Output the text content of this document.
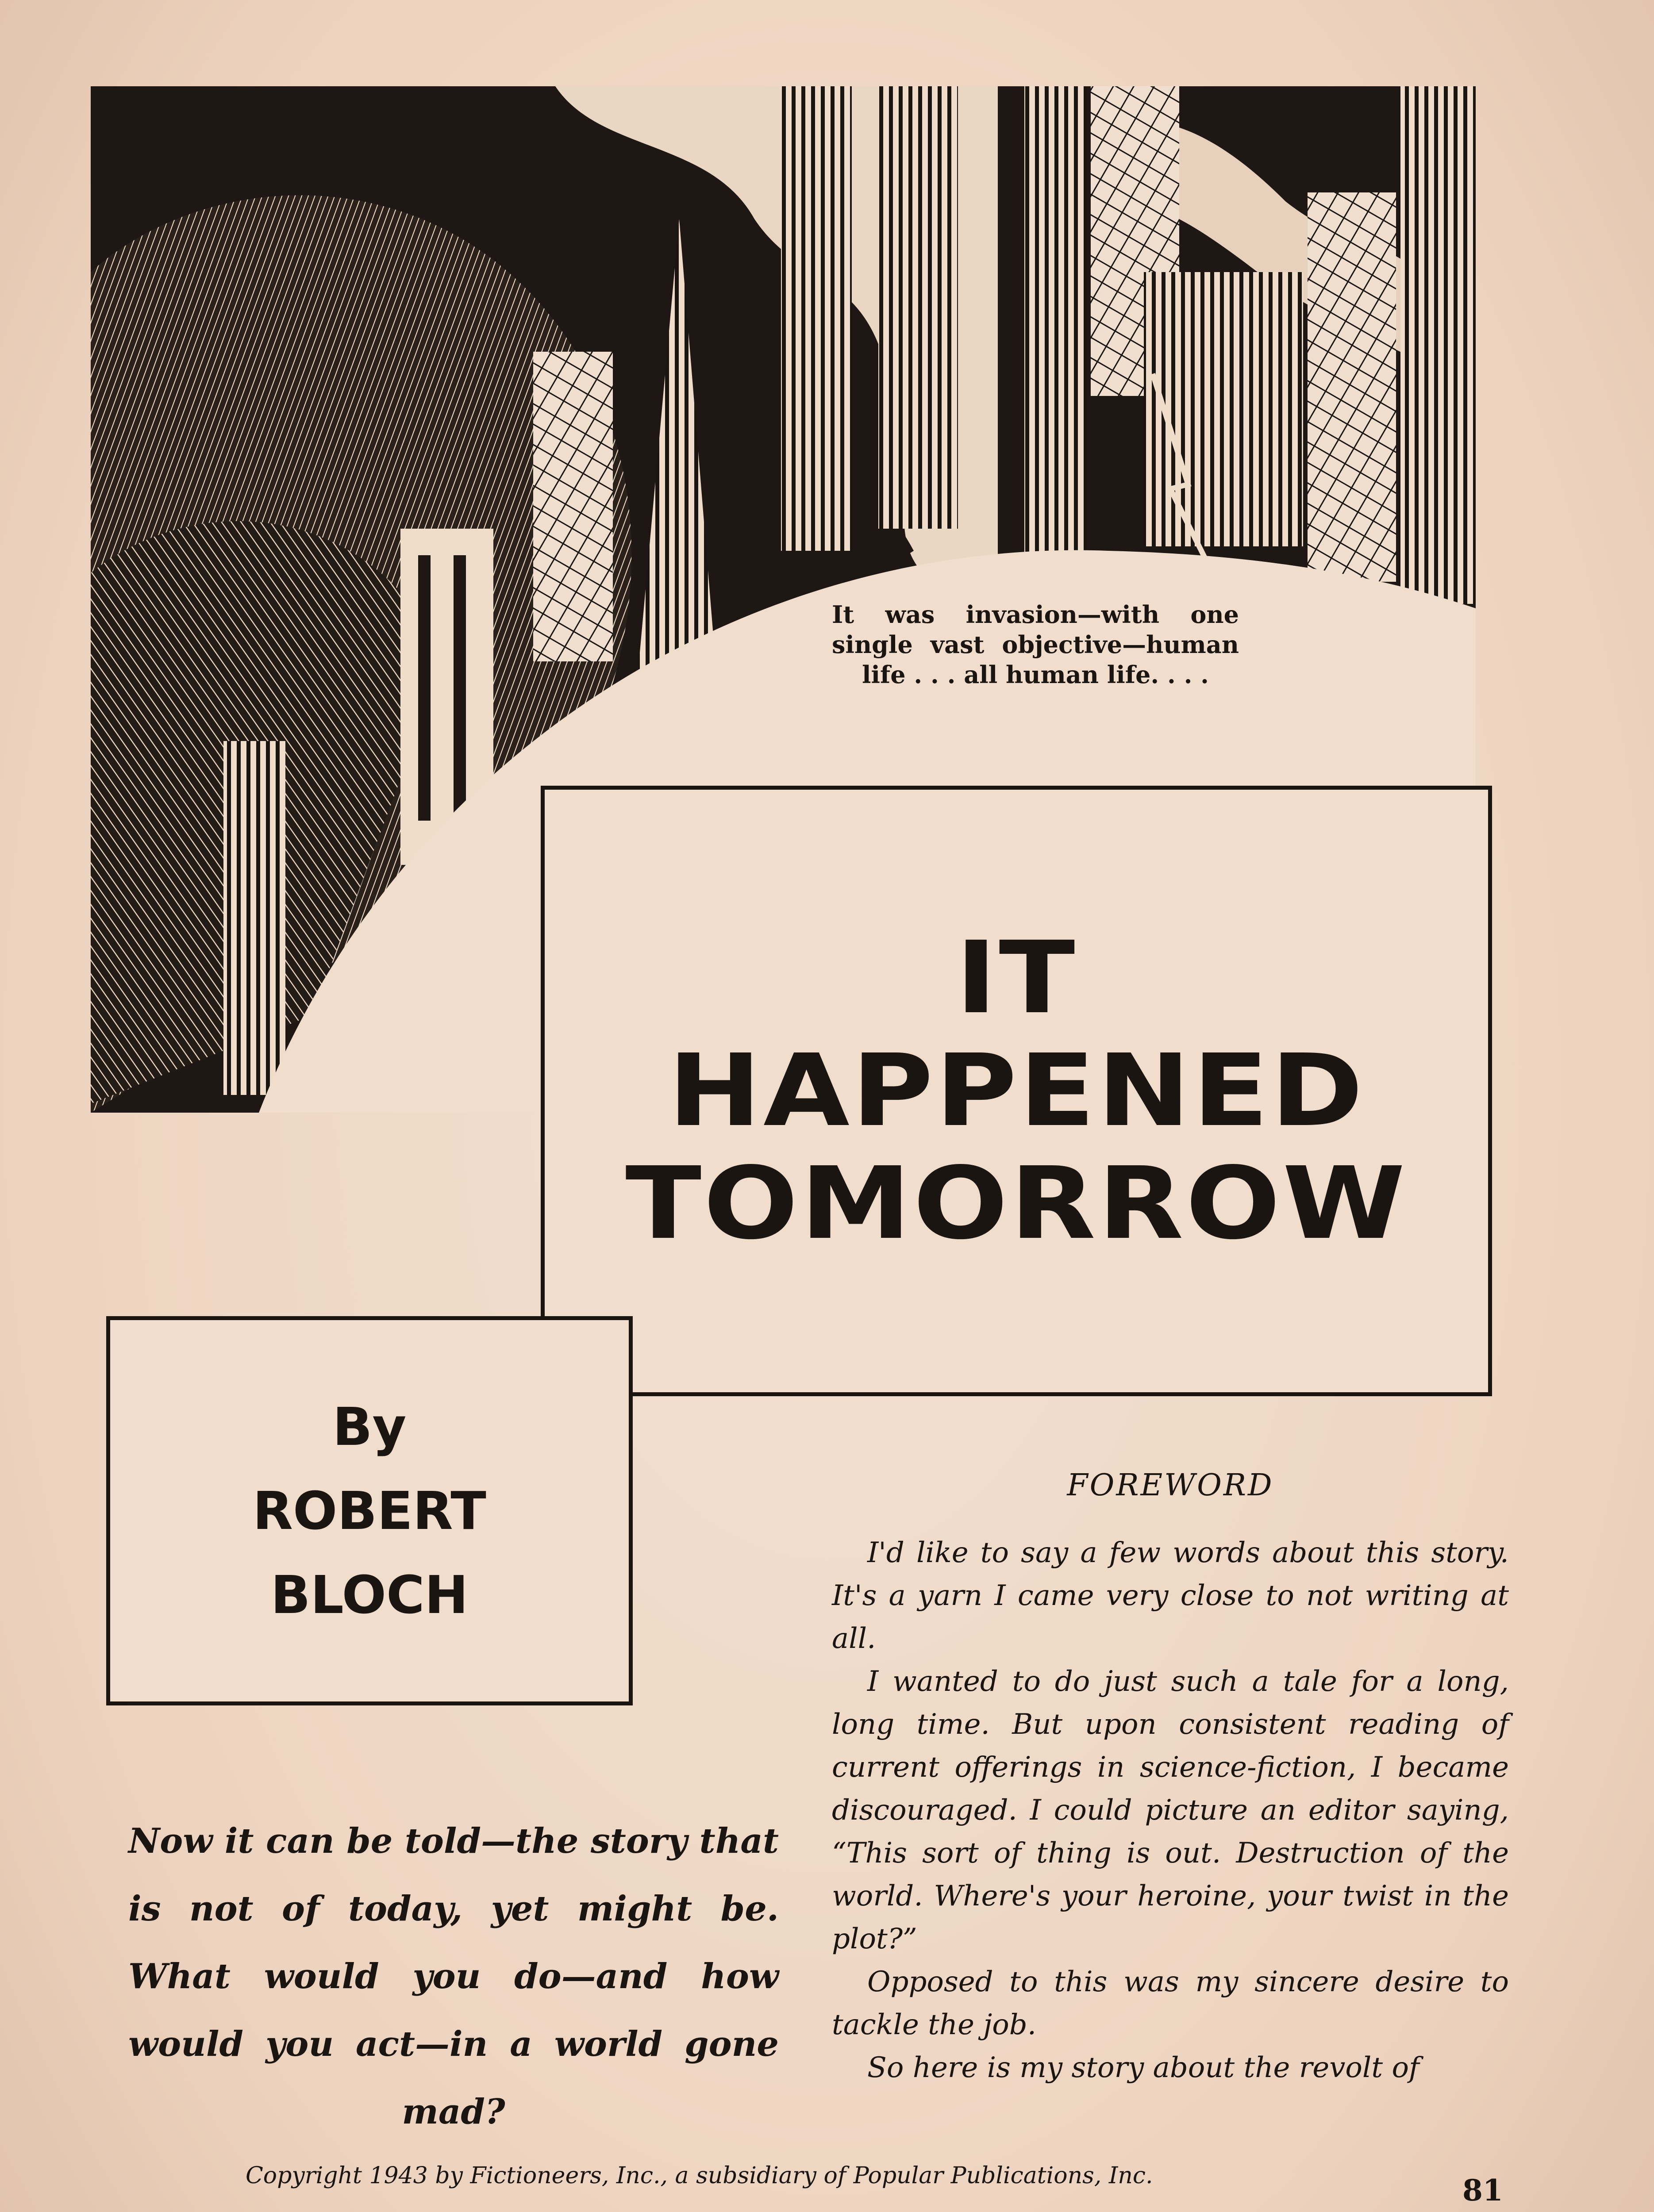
It was invasion—with one single vast objective—human life . . . all human life. . . .
IT
HAPPENED
TOMORROW
By
ROBERT
BLOCH
Now it can be told—the story that is not of today, yet might be. What would you do—and how would you act—in a world gone mad?
FOREWORD

I'd like to say a few words about this story. It's a yarn I came very close to not writing at all.

I wanted to do just such a tale for a long, long time. But upon consistent reading of current offerings in science-fiction, I became discouraged. I could picture an editor saying, “This sort of thing is out. Destruction of the world. Where's your heroine, your twist in the plot?”

Opposed to this was my sincere desire to tackle the job.

So here is my story about the revolt of

Copyright 1943 by Fictioneers, Inc., a subsidiary of Popular Publications, Inc.	81
